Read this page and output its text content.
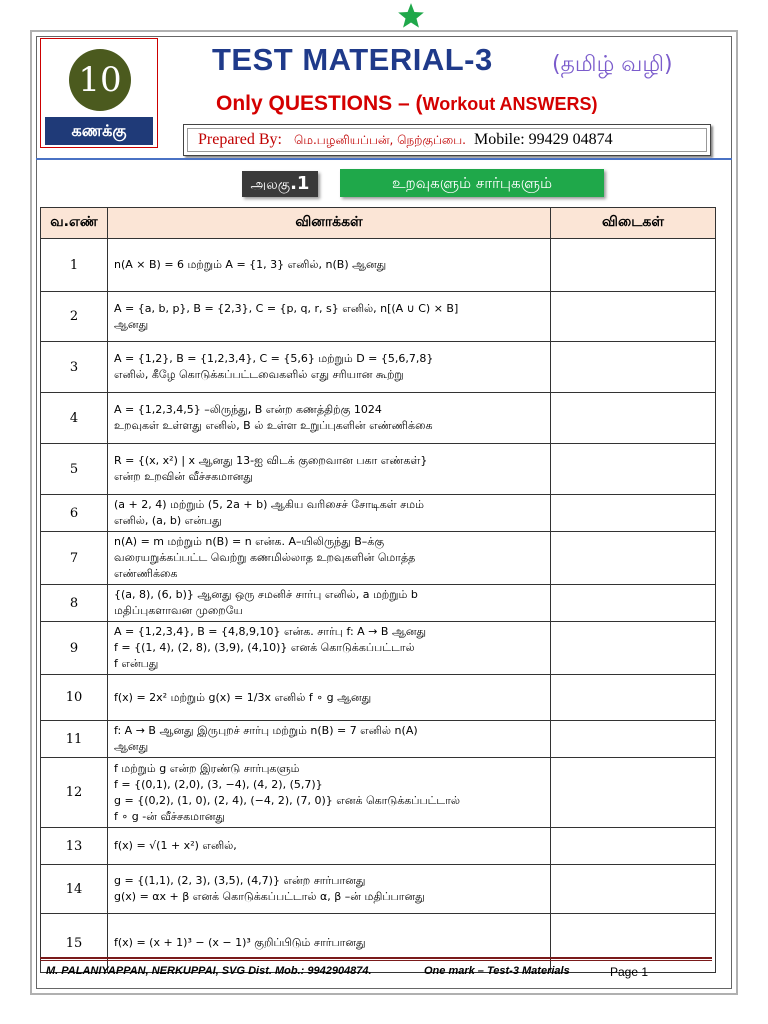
10
கணக்கு
TEST MATERIAL-3	(தமிழ் வழி)
Only QUESTIONS – (Workout ANSWERS)
Prepared By: மெ.பழனியப்பன், நெற்குப்பை. Mobile: 99429 04874
அலகு.1	உறவுகளும் சார்புகளும்
வ.எண்	வினாக்கள்	விடைகள்
1	n(A × B) = 6 மற்றும் A = {1, 3} எனில், n(B) ஆனது	

2	A = {a, b, p}, B = {2,3}, C = {p, q, r, s} எனில், n[(A ∪ C) × B]
ஆனது	

3	A = {1,2}, B = {1,2,3,4}, C = {5,6} மற்றும் D = {5,6,7,8}
எனில், கீழே கொடுக்கப்பட்டவைகளில் எது சரியான கூற்று	

4	A = {1,2,3,4,5} –லிருந்து, B என்ற கணத்திற்கு 1024
உறவுகள் உள்ளது எனில், B ல் உள்ள உறுப்புகளின் எண்ணிக்கை	

5	R = {(x, x²) | x ஆனது 13-ஐ விடக் குறைவான பகா எண்கள்}
என்ற உறவின் வீச்சகமானது	

6	(a + 2, 4) மற்றும் (5, 2a + b) ஆகிய வரிசைச் சோடிகள் சமம்
எனில், (a, b) என்பது	

7	n(A) = m மற்றும் n(B) = n என்க. A–யிலிருந்து B–க்கு
வரையறுக்கப்பட்ட வெற்று கணமில்லாத உறவுகளின் மொத்த
எண்ணிக்கை	

8	{(a, 8), (6, b)} ஆனது ஒரு சமனிச் சார்பு எனில், a மற்றும் b
மதிப்புகளாவன முறையே	

9	A = {1,2,3,4}, B = {4,8,9,10} என்க. சார்பு f: A → B ஆனது
f = {(1, 4), (2, 8), (3,9), (4,10)} எனக் கொடுக்கப்பட்டால்
f என்பது	

10	f(x) = 2x² மற்றும் g(x) = 1/3x எனில் f ∘ g ஆனது	

11	f: A → B ஆனது இருபுறச் சார்பு மற்றும் n(B) = 7 எனில் n(A)
ஆனது	

12	f மற்றும் g என்ற இரண்டு சார்புகளும்
f = {(0,1), (2,0), (3, −4), (4, 2), (5,7)}
g = {(0,2), (1, 0), (2, 4), (−4, 2), (7, 0)} எனக் கொடுக்கப்பட்டால்
f ∘ g -ன் வீச்சகமானது	

13	f(x) = √(1 + x²) எனில்,	

14	g = {(1,1), (2, 3), (3,5), (4,7)} என்ற சார்பானது
g(x) = αx + β எனக் கொடுக்கப்பட்டால் α, β –ன் மதிப்பானது	

15	f(x) = (x + 1)³ − (x − 1)³ குறிப்பிடும் சார்பானது	

M. PALANIYAPPAN, NERKUPPAI, SVG Dist. Mob.: 9942904874.	One mark – Test-3 Materials	Page 1
